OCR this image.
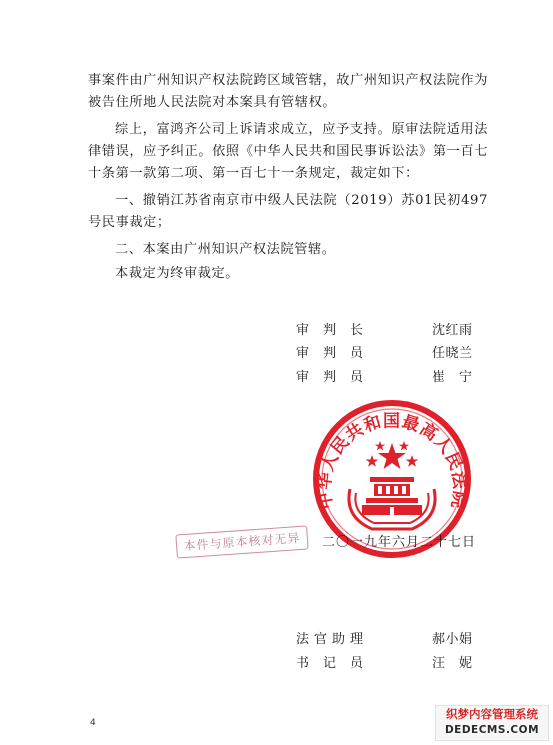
事案件由广州知识产权法院跨区域管辖，故广州知识产权法院作为被告住所地人民法院对本案具有管辖权。

综上，富鸿齐公司上诉请求成立，应予支持。原审法院适用法律错误，应予纠正。依照《中华人民共和国民事诉讼法》第一百七十条第一款第二项、第一百七十一条规定，裁定如下：

一、撤销江苏省南京市中级人民法院（2019）苏01民初497号民事裁定；

二、本案由广州知识产权法院管辖。

本裁定为终审裁定。

审　判　长	沈红雨
审　判　员	任晓兰
审　判　员	崔　宁
中华人民共和国最高人民法院
本件与原本核对无异	二〇一九年六月二十七日
法官助理	郝小娟
书　记　员	汪　妮
4
织梦内容管理系统
DEDECMS.COM
